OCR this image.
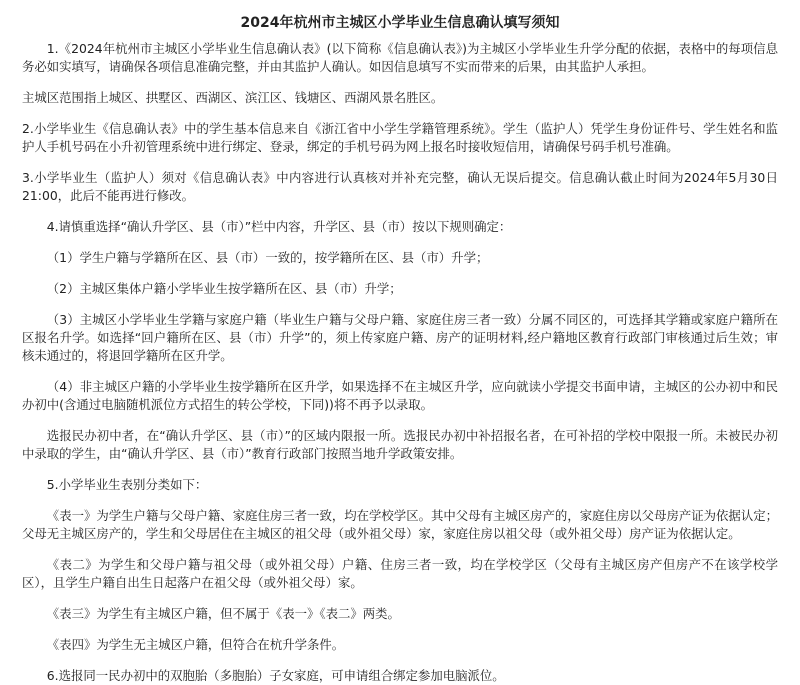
2024年杭州市主城区小学毕业生信息确认填写须知

1.《2024年杭州市主城区小学毕业生信息确认表》(以下简称《信息确认表》)为主城区小学毕业生升学分配的依据，表格中的每项信息务必如实填写，请确保各项信息准确完整，并由其监护人确认。如因信息填写不实而带来的后果，由其监护人承担。

主城区范围指上城区、拱墅区、西湖区、滨江区、钱塘区、西湖风景名胜区。

2.小学毕业生《信息确认表》中的学生基本信息来自《浙江省中小学生学籍管理系统》。学生（监护人）凭学生身份证件号、学生姓名和监护人手机号码在小升初管理系统中进行绑定、登录，绑定的手机号码为网上报名时接收短信用，请确保号码手机号准确。

3.小学毕业生（监护人）须对《信息确认表》中内容进行认真核对并补充完整，确认无误后提交。信息确认截止时间为2024年5月30日21:00，此后不能再进行修改。

4.请慎重选择“确认升学区、县（市）”栏中内容，升学区、县（市）按以下规则确定：

（1）学生户籍与学籍所在区、县（市）一致的，按学籍所在区、县（市）升学；

（2）主城区集体户籍小学毕业生按学籍所在区、县（市）升学；

（3）主城区小学毕业生学籍与家庭户籍（毕业生户籍与父母户籍、家庭住房三者一致）分属不同区的，可选择其学籍或家庭户籍所在区报名升学。如选择“回户籍所在区、县（市）升学”的，须上传家庭户籍、房产的证明材料,经户籍地区教育行政部门审核通过后生效；审核未通过的，将退回学籍所在区升学。

（4）非主城区户籍的小学毕业生按学籍所在区升学，如果选择不在主城区升学，应向就读小学提交书面申请，主城区的公办初中和民办初中(含通过电脑随机派位方式招生的转公学校，下同))将不再予以录取。

选报民办初中者，在“确认升学区、县（市）”的区域内限报一所。选报民办初中补招报名者，在可补招的学校中限报一所。未被民办初中录取的学生，由“确认升学区、县（市）”教育行政部门按照当地升学政策安排。

5.小学毕业生表别分类如下：

《表一》为学生户籍与父母户籍、家庭住房三者一致，均在学校学区。其中父母有主城区房产的，家庭住房以父母房产证为依据认定；父母无主城区房产的，学生和父母居住在主城区的祖父母（或外祖父母）家，家庭住房以祖父母（或外祖父母）房产证为依据认定。

《表二》为学生和父母户籍与祖父母（或外祖父母）户籍、住房三者一致，均在学校学区（父母有主城区房产但房产不在该学校学区），且学生户籍自出生日起落户在祖父母（或外祖父母）家。

《表三》为学生有主城区户籍，但不属于《表一》《表二》两类。

《表四》为学生无主城区户籍，但符合在杭升学条件。

6.选报同一民办初中的双胞胎（多胞胎）子女家庭，可申请组合绑定参加电脑派位。
